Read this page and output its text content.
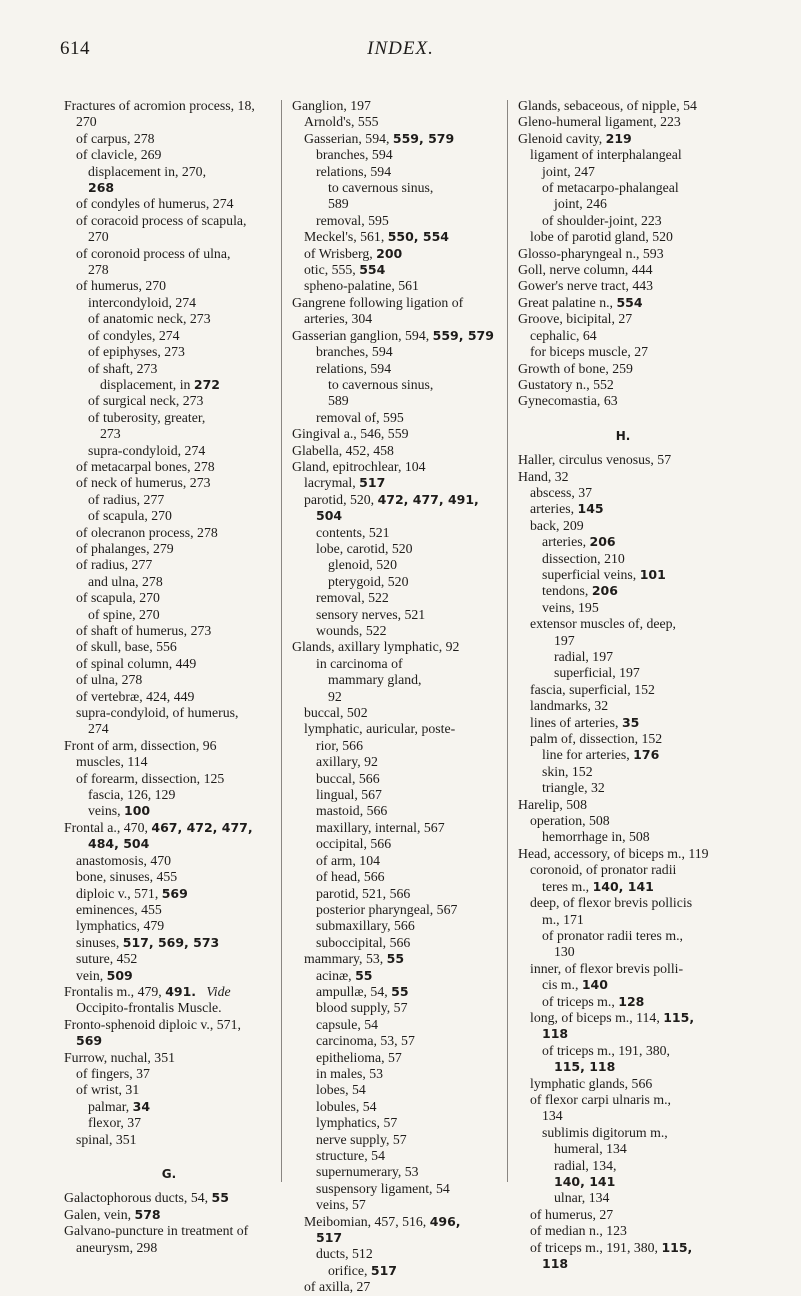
614	INDEX.
Fractures of acromion process, 18,
270
of carpus, 278
of clavicle, 269
displacement in, 270,
268
of condyles of humerus, 274
of coracoid process of scapula,
270
of coronoid process of ulna,
278
of humerus, 270
intercondyloid, 274
of anatomic neck, 273
of condyles, 274
of epiphyses, 273
of shaft, 273
displacement, in 272
of surgical neck, 273
of tuberosity, greater,
273
supra-condyloid, 274
of metacarpal bones, 278
of neck of humerus, 273
of radius, 277
of scapula, 270
of olecranon process, 278
of phalanges, 279
of radius, 277
and ulna, 278
of scapula, 270
of spine, 270
of shaft of humerus, 273
of skull, base, 556
of spinal column, 449
of ulna, 278
of vertebræ, 424, 449
supra-condyloid, of humerus,
274
Front of arm, dissection, 96
muscles, 114
of forearm, dissection, 125
fascia, 126, 129
veins, 100
Frontal a., 470, 467, 472, 477,
484, 504
anastomosis, 470
bone, sinuses, 455
diploic v., 571, 569
eminences, 455
lymphatics, 479
sinuses, 517, 569, 573
suture, 452
vein, 509
Frontalis m., 479, 491.   Vide
Occipito-frontalis Muscle.
Fronto-sphenoid diploic v., 571,
569
Furrow, nuchal, 351
of fingers, 37
of wrist, 31
palmar, 34
flexor, 37
spinal, 351
G.
Galactophorous ducts, 54, 55
Galen, vein, 578
Galvano-puncture in treatment of
aneurysm, 298
Ganglion, 197
Arnold's, 555
Gasserian, 594, 559, 579
branches, 594
relations, 594
to cavernous sinus,
589
removal, 595
Meckel's, 561, 550, 554
of Wrisberg, 200
otic, 555, 554
spheno-palatine, 561
Gangrene following ligation of
arteries, 304
Gasserian ganglion, 594, 559, 579
branches, 594
relations, 594
to cavernous sinus,
589
removal of, 595
Gingival a., 546, 559
Glabella, 452, 458
Gland, epitrochlear, 104
lacrymal, 517
parotid, 520, 472, 477, 491,
504
contents, 521
lobe, carotid, 520
glenoid, 520
pterygoid, 520
removal, 522
sensory nerves, 521
wounds, 522
Glands, axillary lymphatic, 92
in carcinoma of
mammary gland,
92
buccal, 502
lymphatic, auricular, poste-
rior, 566
axillary, 92
buccal, 566
lingual, 567
mastoid, 566
maxillary, internal, 567
occipital, 566
of arm, 104
of head, 566
parotid, 521, 566
posterior pharyngeal, 567
submaxillary, 566
suboccipital, 566
mammary, 53, 55
acinæ, 55
ampullæ, 54, 55
blood supply, 57
capsule, 54
carcinoma, 53, 57
epithelioma, 57
in males, 53
lobes, 54
lobules, 54
lymphatics, 57
nerve supply, 57
structure, 54
supernumerary, 53
suspensory ligament, 54
veins, 57
Meibomian, 457, 516, 496,
517
ducts, 512
orifice, 517
of axilla, 27
Glands, sebaceous, of nipple, 54
Gleno-humeral ligament, 223
Glenoid cavity, 219
ligament of interphalangeal
joint, 247
of metacarpo-phalangeal
joint, 246
of shoulder-joint, 223
lobe of parotid gland, 520
Glosso-pharyngeal n., 593
Goll, nerve column, 444
Gower's nerve tract, 443
Great palatine n., 554
Groove, bicipital, 27
cephalic, 64
for biceps muscle, 27
Growth of bone, 259
Gustatory n., 552
Gynecomastia, 63
H.
Haller, circulus venosus, 57
Hand, 32
abscess, 37
arteries, 145
back, 209
arteries, 206
dissection, 210
superficial veins, 101
tendons, 206
veins, 195
extensor muscles of, deep,
197
radial, 197
superficial, 197
fascia, superficial, 152
landmarks, 32
lines of arteries, 35
palm of, dissection, 152
line for arteries, 176
skin, 152
triangle, 32
Harelip, 508
operation, 508
hemorrhage in, 508
Head, accessory, of biceps m., 119
coronoid, of pronator radii
teres m., 140, 141
deep, of flexor brevis pollicis
m., 171
of pronator radii teres m.,
130
inner, of flexor brevis polli-
cis m., 140
of triceps m., 128
long, of biceps m., 114, 115,
118
of triceps m., 191, 380,
115, 118
lymphatic glands, 566
of flexor carpi ulnaris m.,
134
sublimis digitorum m.,
humeral, 134
radial, 134,
140, 141
ulnar, 134
of humerus, 27
of median n., 123
of triceps m., 191, 380, 115,
118
